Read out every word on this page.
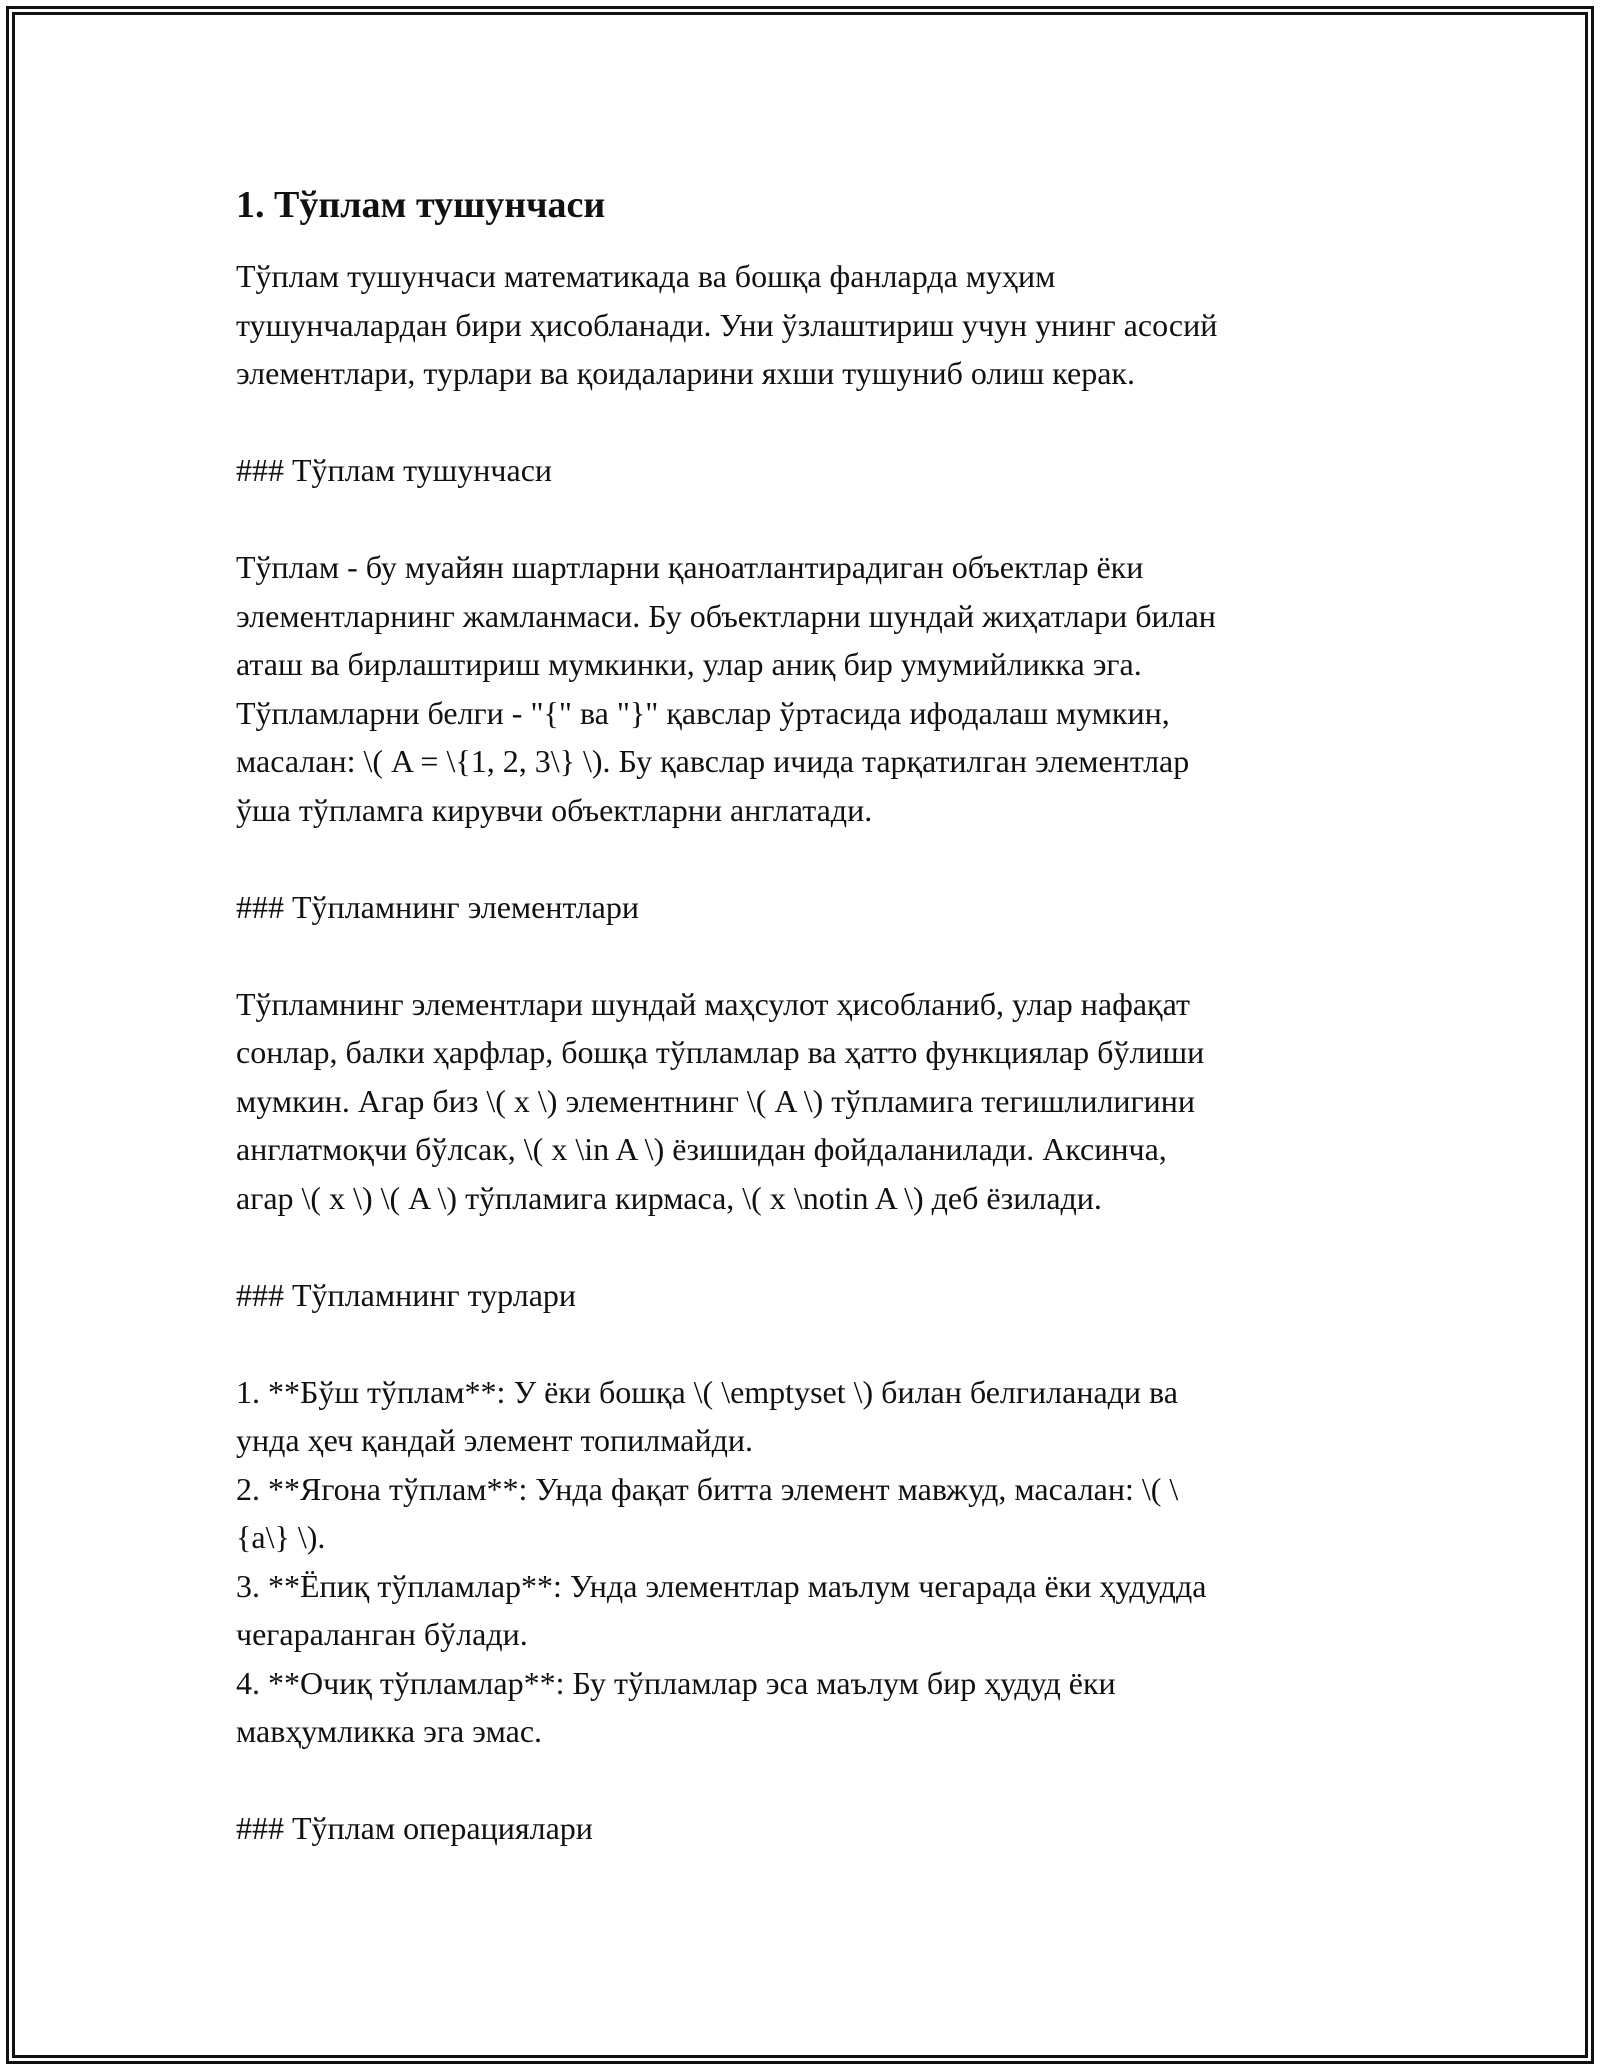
1. Тўплам тушунчаси

Тўплам тушунчаси математикада ва бошқа фанларда муҳим
тушунчалардан бири ҳисобланади. Уни ўзлаштириш учун унинг асосий
элементлари, турлари ва қоидаларини яхши тушуниб олиш керак.

### Тўплам тушунчаси

Тўплам - бу муайян шартларни қаноатлантирадиган объектлар ёки
элементларнинг жамланмаси. Бу объектларни шундай жиҳатлари билан
аташ ва бирлаштириш мумкинки, улар аниқ бир умумийликка эга.
Тўпламларни белги - "{" ва "}" қавслар ўртасида ифодалаш мумкин,
масалан: \( A = \{1, 2, 3\} \). Бу қавслар ичида тарқатилган элементлар
ўша тўпламга кирувчи объектларни англатади.

### Тўпламнинг элементлари

Тўпламнинг элементлари шундай маҳсулот ҳисобланиб, улар нафақат
сонлар, балки ҳарфлар, бошқа тўпламлар ва ҳатто функциялар бўлиши
мумкин. Агар биз \( x \) элементнинг \( A \) тўпламига тегишлилигини
англатмоқчи бўлсак, \( x \in A \) ёзишидан фойдаланилади. Аксинча,
агар \( x \) \( A \) тўпламига кирмаса, \( x \notin A \) деб ёзилади.

### Тўпламнинг турлари

1. **Бўш тўплам**: У ёки бошқа \( \emptyset \) билан белгиланади ва
унда ҳеч қандай элемент топилмайди.
2. **Ягона тўплам**: Унда фақат битта элемент мавжуд, масалан: \( \
{a\} \).
3. **Ёпиқ тўпламлар**: Унда элементлар маълум чегарада ёки ҳудудда
чегараланган бўлади.
4. **Очиқ тўпламлар**: Бу тўпламлар эса маълум бир ҳудуд ёки
мавҳумликка эга эмас.

### Тўплам операциялари
